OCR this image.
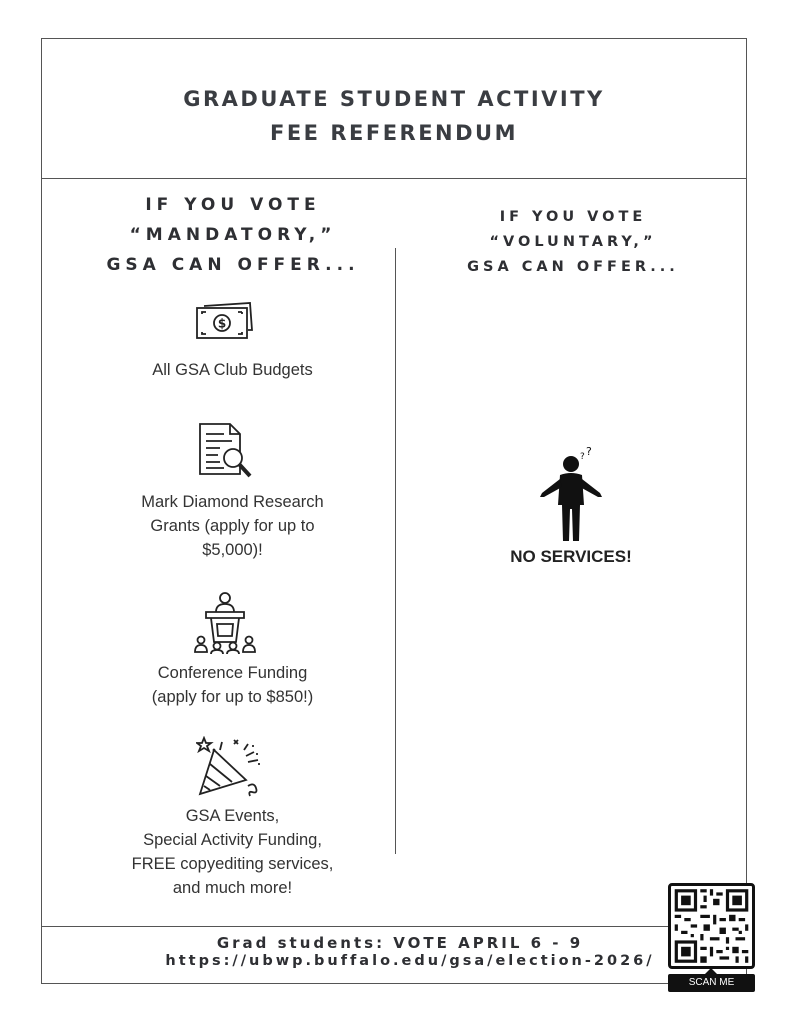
GRADUATE STUDENT ACTIVITY
FEE REFERENDUM
IF YOU VOTE
“MANDATORY,”
GSA CAN OFFER...
IF YOU VOTE
“VOLUNTARY,”
GSA CAN OFFER...
$
All GSA Club Budgets
Mark Diamond Research
Grants (apply for up to
$5,000)!
Conference Funding
(apply for up to $850!)
GSA Events,
Special Activity Funding,
FREE copyediting services,
and much more!
? ?
NO SERVICES!
Grad students: VOTE APRIL 6 - 9
https://ubwp.buffalo.edu/gsa/election-2026/
SCAN ME
